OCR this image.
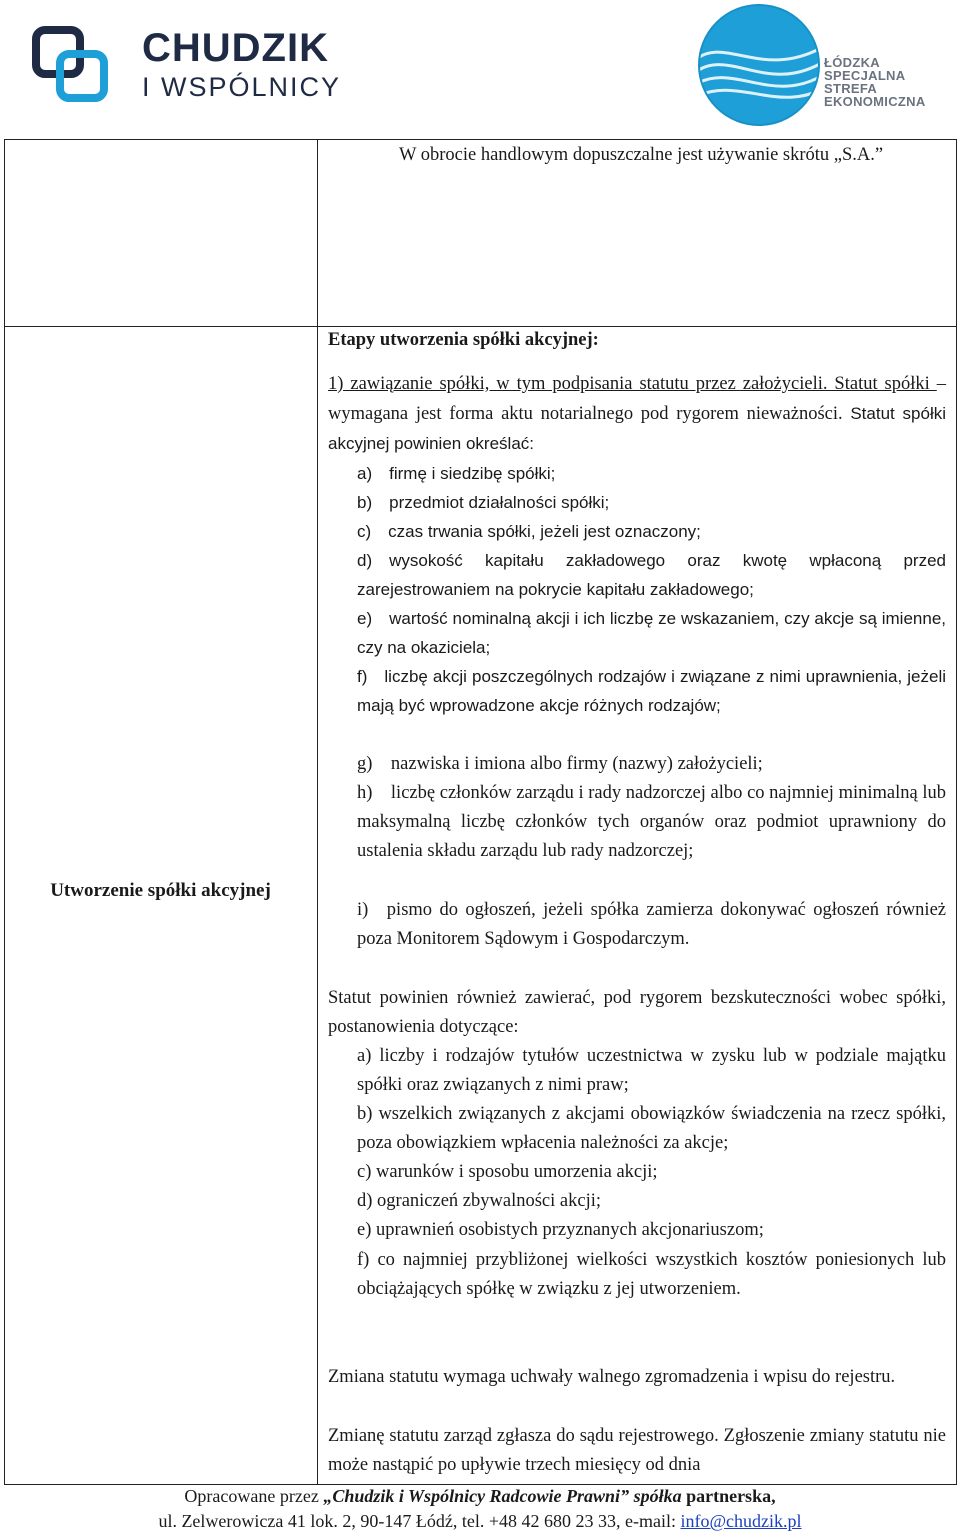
CHUDZIK
I WSPÓLNICY
ŁÓDZKA
SPECJALNA
STREFA
EKONOMICZNA
W obrocie handlowym dopuszczalne jest używanie skrótu „S.A.”
Utworzenie spółki akcyjnej
Etapy utworzenia spółki akcyjnej:
1) zawiązanie spółki, w tym podpisania statutu przez założycieli. Statut spółki – wymagana jest forma aktu notarialnego pod rygorem nieważności. Statut spółki akcyjnej powinien określać:
a) firmę i siedzibę spółki;
b) przedmiot działalności spółki;
c) czas trwania spółki, jeżeli jest oznaczony;
d) wysokość kapitału zakładowego oraz kwotę wpłaconą przed zarejestrowaniem na pokrycie kapitału zakładowego;
e) wartość nominalną akcji i ich liczbę ze wskazaniem, czy akcje są imienne, czy na okaziciela;
f) liczbę akcji poszczególnych rodzajów i związane z nimi uprawnienia, jeżeli mają być wprowadzone akcje różnych rodzajów;
g) nazwiska i imiona albo firmy (nazwy) założycieli;
h) liczbę członków zarządu i rady nadzorczej albo co najmniej minimalną lub maksymalną liczbę członków tych organów oraz podmiot uprawniony do ustalenia składu zarządu lub rady nadzorczej;
i) pismo do ogłoszeń, jeżeli spółka zamierza dokonywać ogłoszeń również poza Monitorem Sądowym i Gospodarczym.
Statut powinien również zawierać, pod rygorem bezskuteczności wobec spółki, postanowienia dotyczące:
a) liczby i rodzajów tytułów uczestnictwa w zysku lub w podziale majątku spółki oraz związanych z nimi praw;
b) wszelkich związanych z akcjami obowiązków świadczenia na rzecz spółki, poza obowiązkiem wpłacenia należności za akcje;
c) warunków i sposobu umorzenia akcji;
d) ograniczeń zbywalności akcji;
e) uprawnień osobistych przyznanych akcjonariuszom;
f) co najmniej przybliżonej wielkości wszystkich kosztów poniesionych lub obciążających spółkę w związku z jej utworzeniem.
Zmiana statutu wymaga uchwały walnego zgromadzenia i wpisu do rejestru.
Zmianę statutu zarząd zgłasza do sądu rejestrowego. Zgłoszenie zmiany statutu nie może nastąpić po upływie trzech miesięcy od dnia
Opracowane przez „Chudzik i Wspólnicy Radcowie Prawni” spółka partnerska,
ul. Zelwerowicza 41 lok. 2, 90-147 Łódź, tel. +48 42 680 23 33, e-mail: info@chudzik.pl
